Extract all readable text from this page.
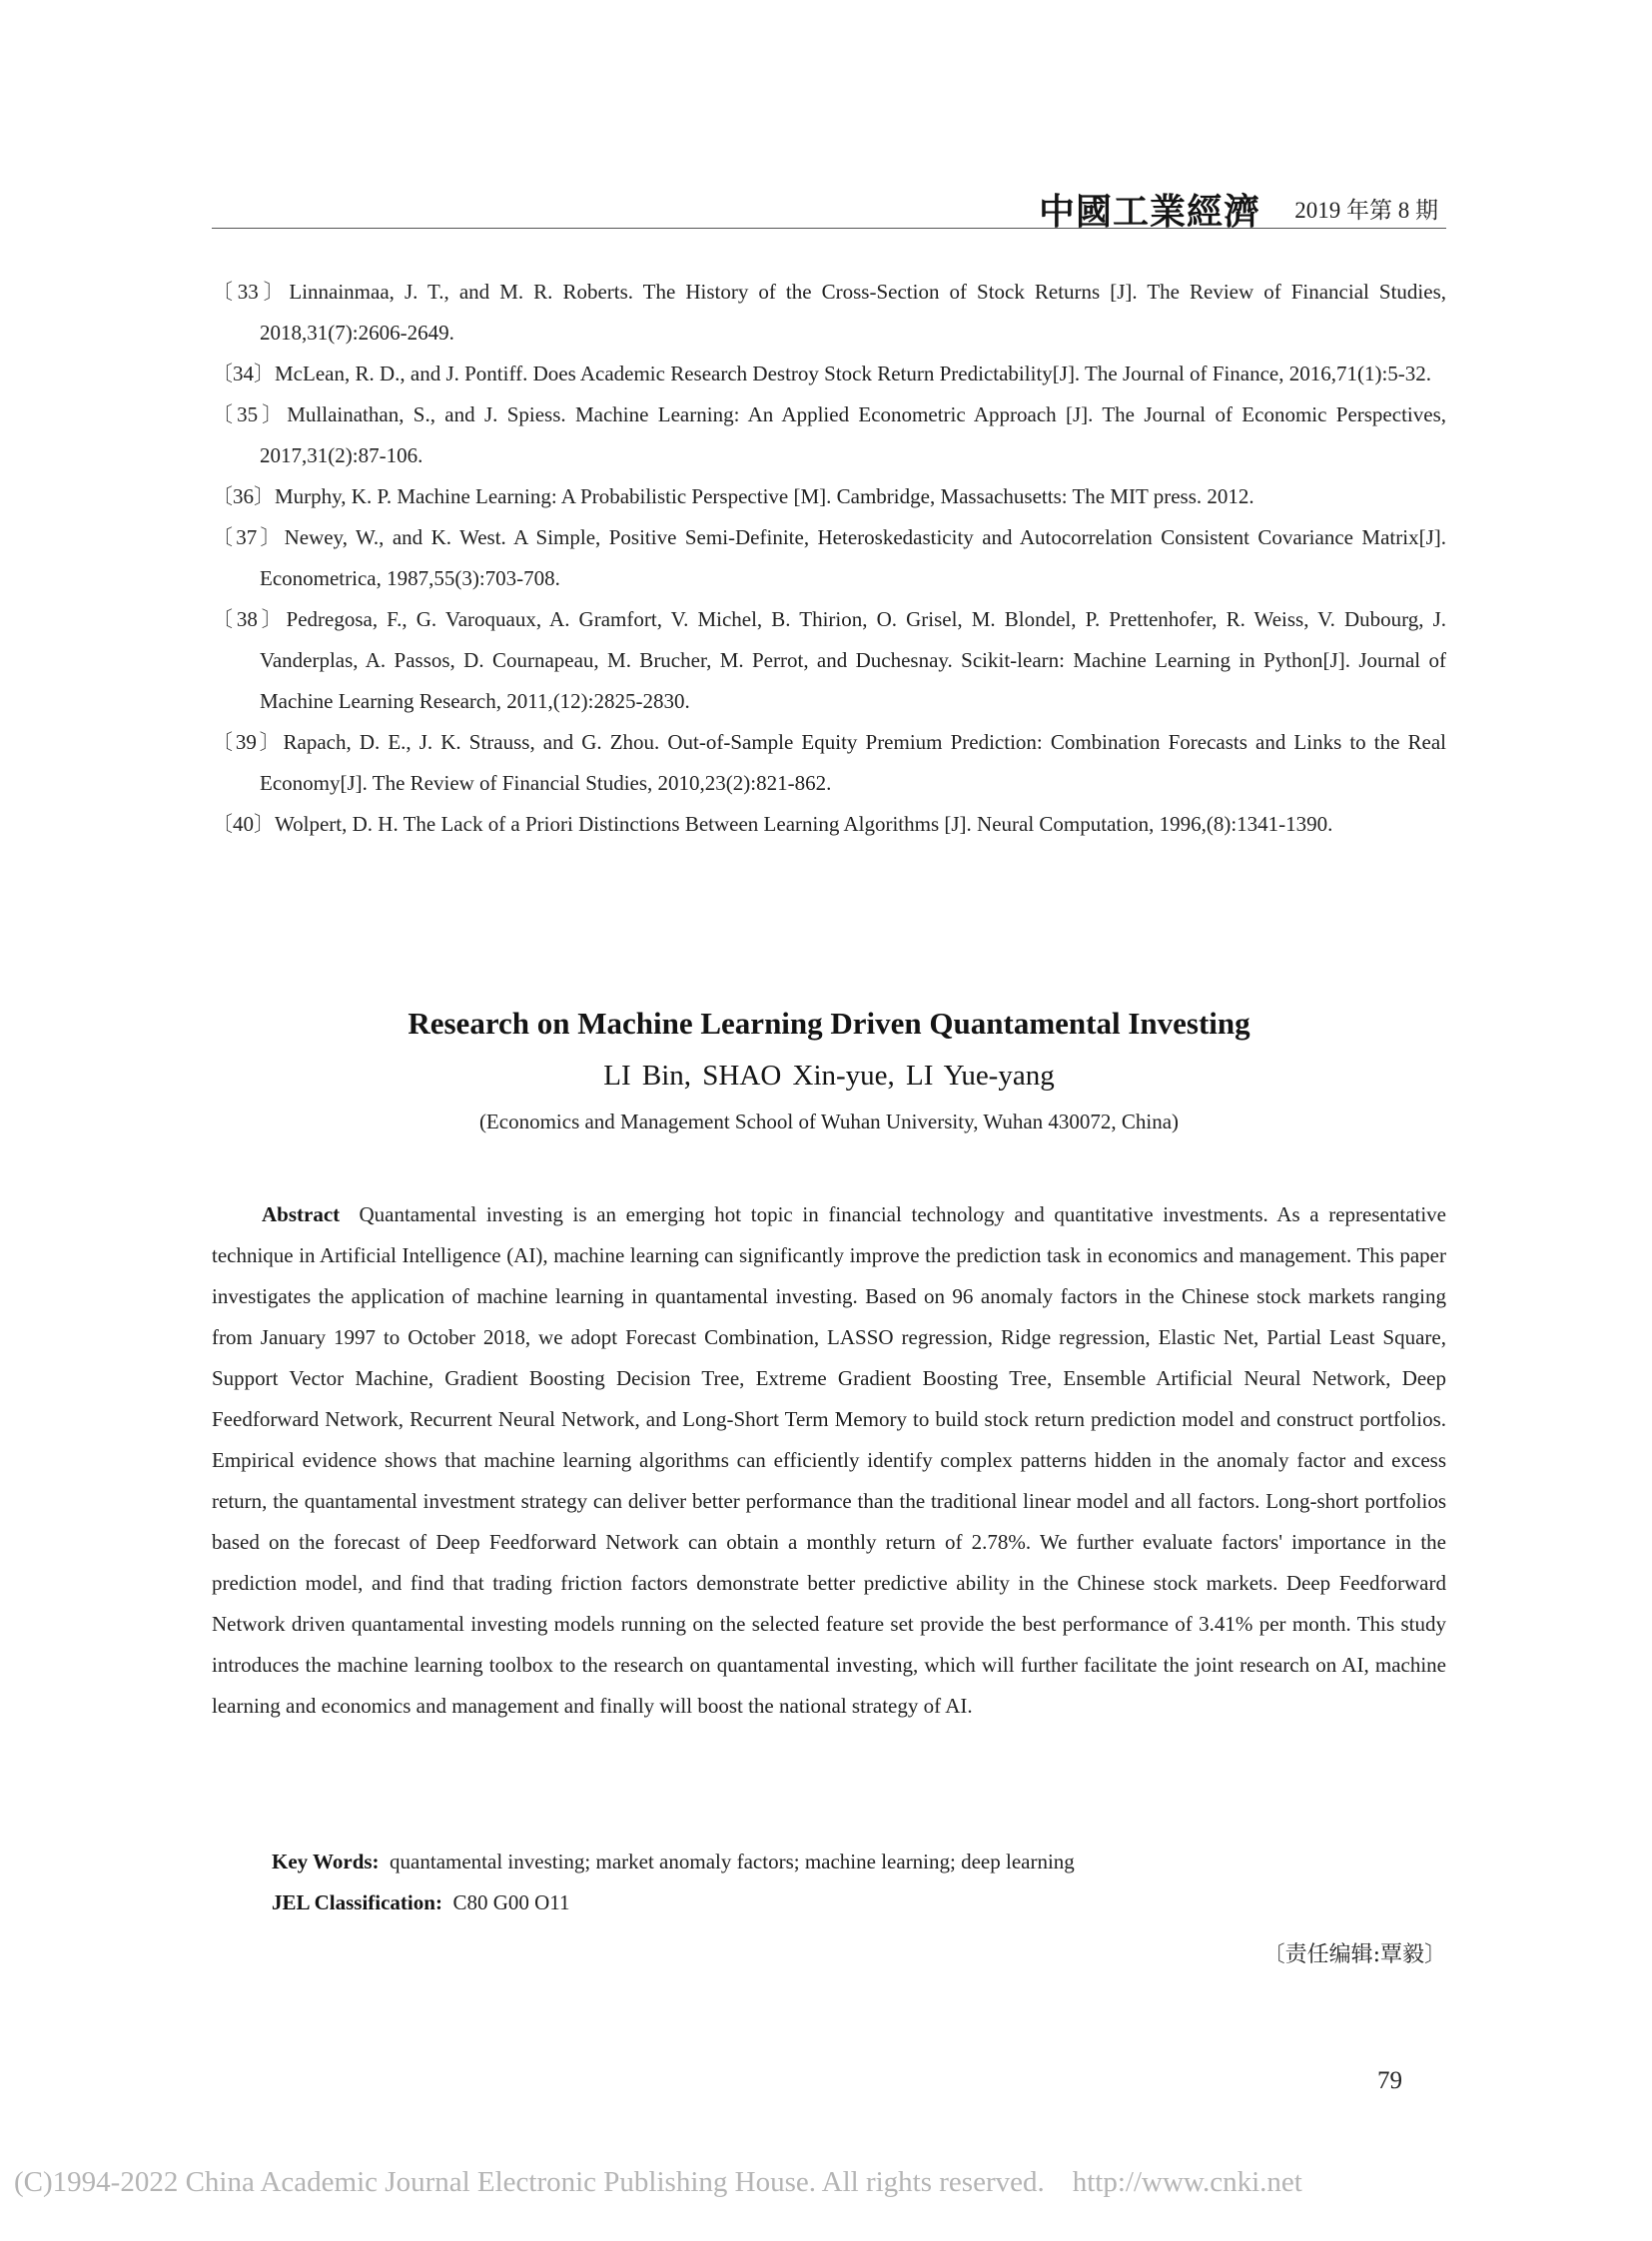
中國工業經濟 2019 年第 8 期

〔33〕Linnainmaa, J. T., and M. R. Roberts. The History of the Cross-Section of Stock Returns [J]. The Review of Financial Studies, 2018,31(7):2606-2649.

〔34〕McLean, R. D., and J. Pontiff. Does Academic Research Destroy Stock Return Predictability[J]. The Journal of Finance, 2016,71(1):5-32.

〔35〕Mullainathan, S., and J. Spiess. Machine Learning: An Applied Econometric Approach [J]. The Journal of Economic Perspectives, 2017,31(2):87-106.

〔36〕Murphy, K. P. Machine Learning: A Probabilistic Perspective [M]. Cambridge, Massachusetts: The MIT press. 2012.

〔37〕Newey, W., and K. West. A Simple, Positive Semi-Definite, Heteroskedasticity and Autocorrelation Consistent Covariance Matrix[J]. Econometrica, 1987,55(3):703-708.

〔38〕Pedregosa, F., G. Varoquaux, A. Gramfort, V. Michel, B. Thirion, O. Grisel, M. Blondel, P. Prettenhofer, R. Weiss, V. Dubourg, J. Vanderplas, A. Passos, D. Cournapeau, M. Brucher, M. Perrot, and Duchesnay. Scikit-learn: Machine Learning in Python[J]. Journal of Machine Learning Research, 2011,(12):2825-2830.

〔39〕Rapach, D. E., J. K. Strauss, and G. Zhou. Out-of-Sample Equity Premium Prediction: Combination Forecasts and Links to the Real Economy[J]. The Review of Financial Studies, 2010,23(2):821-862.

〔40〕Wolpert, D. H. The Lack of a Priori Distinctions Between Learning Algorithms [J]. Neural Computation, 1996,(8):1341-1390.

Research on Machine Learning Driven Quantamental Investing
LI Bin, SHAO Xin-yue, LI Yue-yang
(Economics and Management School of Wuhan University, Wuhan 430072, China)

Abstract Quantamental investing is an emerging hot topic in financial technology and quantitative investments. As a representative technique in Artificial Intelligence (AI), machine learning can significantly improve the prediction task in economics and management. This paper investigates the application of machine learning in quantamental investing. Based on 96 anomaly factors in the Chinese stock markets ranging from January 1997 to October 2018, we adopt Forecast Combination, LASSO regression, Ridge regression, Elastic Net, Partial Least Square, Support Vector Machine, Gradient Boosting Decision Tree, Extreme Gradient Boosting Tree, Ensemble Artificial Neural Network, Deep Feedforward Network, Recurrent Neural Network, and Long-Short Term Memory to build stock return prediction model and construct portfolios. Empirical evidence shows that machine learning algorithms can efficiently identify complex patterns hidden in the anomaly factor and excess return, the quantamental investment strategy can deliver better performance than the traditional linear model and all factors. Long-short portfolios based on the forecast of Deep Feedforward Network can obtain a monthly return of 2.78%. We further evaluate factors' importance in the prediction model, and find that trading friction factors demonstrate better predictive ability in the Chinese stock markets. Deep Feedforward Network driven quantamental investing models running on the selected feature set provide the best performance of 3.41% per month. This study introduces the machine learning toolbox to the research on quantamental investing, which will further facilitate the joint research on AI, machine learning and economics and management and finally will boost the national strategy of AI.

Key Words: quantamental investing; market anomaly factors; machine learning; deep learning
JEL Classification: C80 G00 O11
〔责任编辑:覃毅〕
79
(C)1994-2022 China Academic Journal Electronic Publishing House. All rights reserved. http://www.cnki.net
